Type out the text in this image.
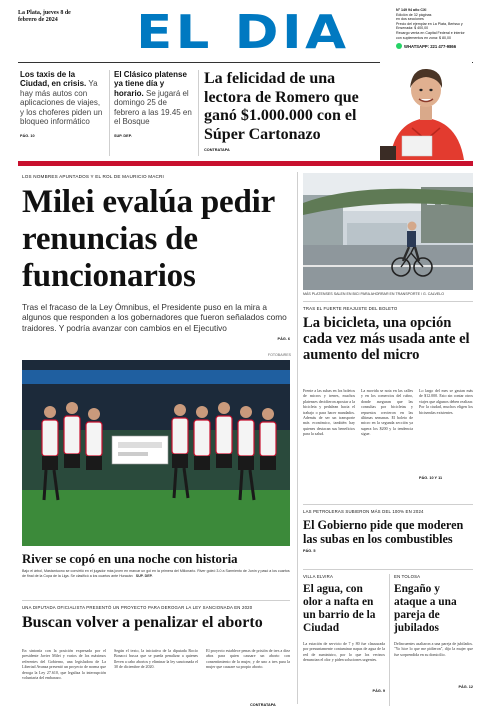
La Plata, jueves 8 de febrero de 2024	EL DIA	N° 149 94 año CXI
Edición de 32 páginas
en dos secciones
Precio del ejemplar en La Plata, Berisso y
Ensenada: $ 400,00
Recargo venta en Capital Federal e interior
con suplementos en zona: $ 80,00
WHATSAPP: 221 477-9866
Los taxis de la Ciudad, en crisis. Ya hay más autos con aplicaciones de viajes, y los choferes piden un bloqueo informático
PÁG. 10
El Clásico platense ya tiene día y horario. Se jugará el domingo 25 de febrero a las 19.45 en el Bosque
SUP. DEP.
La felicidad de una lectora de Romero que ganó $1.000.000 con el Súper Cartonazo
CONTRATAPA
LOS NOMBRES APUNTADOS Y EL ROL DE MAURICIO MACRI
Milei evalúa pedir renuncias de funcionarios
Tras el fracaso de la Ley Ómnibus, el Presidente puso en la mira a algunos que responden a los gobernadores que fueron señalados como traidores. Y podría avanzar con cambios en el Ejecutivo
PÁG. 6
MÁS PLATENSES SALEN EN BICI PARA AHORRAR EN TRANSPORTE / G. CALVELO
TRAS EL FUERTE REAJUSTE DEL BOLETO
La bicicleta, una opción cada vez más usada ante el aumento del micro
Frente a las subas en los boletos de micros y trenes, muchos platenses decidieron apostar a la bicicleta y pedalean hacia el trabajo o para hacer mandados. Además de ser un transporte más económico, también hay quienes destacan sus beneficios para la salud.
La movida se nota en las calles y en los comercios del rubro, donde aseguran que las consultas por bicicletas y repuestos crecieron en las últimas semanas. El boleto de micro en la segunda sección ya supera los $200 y la tendencia sigue.
Lo largo del mes se gastan más de $12.000. Esto sin contar otros viajes que algunos deben realizar. Por la ciudad, muchos eligen los bicisendas existentes.
PÁG. 10 Y 11
FOTOBAIRES
River se copó en una noche con historia
Bajo el árbol, Mastantuono se convirtió en el jugador más joven en marcar un gol en la primera del Millonario. River goleó 3-0 a Sarmiento de Junín y pasó a los cuartos de final de la Copa de la Liga. Se clasificó a los cuartos ante Huracán SUP. DEP.
LAS PETROLERAS SUBIERON MÁS DEL 100% EN 2024
El Gobierno pide que moderen las subas en los combustibles
PÁG. 5
UNA DIPUTADA OFICIALISTA PRESENTÓ UN PROYECTO PARA DEROGAR LA LEY SANCIONADA EN 2020
Buscan volver a penalizar el aborto
En sintonía con la posición expresada por el presidente Javier Milei y varios de los máximos referentes del Gobierno, una legisladora de La Libertad Avanza presentó un proyecto de norma que deroga la Ley 27.610, que legaliza la interrupción voluntaria del embarazo.
Según el texto, la iniciativa de la diputada Rocío Bonacci busca que se pueda penalizar a quienes lleven a cabo abortos y eliminar la ley sancionada el 30 de diciembre de 2020.
El proyecto establece penas de prisión de tres a diez años para quien causare un aborto con consentimiento de la mujer, y de uno a tres para la mujer que causare su propio aborto.
CONTRATAPA
VILLA ELVIRA
El agua, con olor a nafta en un barrio de la Ciudad
La estación de servicio de 7 y 80 fue clausurada por presuntamente contaminar napas de agua de la red de suministro, por lo que los vecinos denuncian el olor y piden soluciones urgentes.
PÁG. 9
EN TOLOSA
Engaño y ataque a una pareja de jubilados
Delincuentes asaltaron a una pareja de jubilados. "Yo hice lo que me pidieron", dijo la mujer que fue sorprendida en su domicilio.
PÁG. 12
